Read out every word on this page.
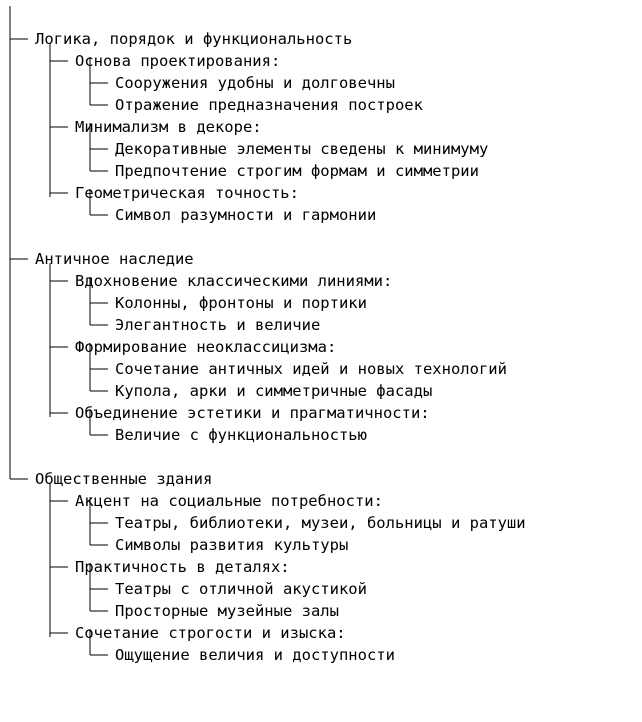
Логика, порядок и функциональность

Основа проектирования:

Сооружения удобны и долговечны

Отражение предназначения построек

Минимализм в декоре:

Декоративные элементы сведены к минимуму

Предпочтение строгим формам и симметрии

Геометрическая точность:

Символ разумности и гармонии

Античное наследие

Вдохновение классическими линиями:

Колонны, фронтоны и портики

Элегантность и величие

Формирование неоклассицизма:

Сочетание античных идей и новых технологий

Купола, арки и симметричные фасады

Объединение эстетики и прагматичности:

Величие с функциональностью

Общественные здания

Акцент на социальные потребности:

Театры, библиотеки, музеи, больницы и ратуши

Символы развития культуры

Практичность в деталях:

Театры с отличной акустикой

Просторные музейные залы

Сочетание строгости и изыска:

Ощущение величия и доступности
